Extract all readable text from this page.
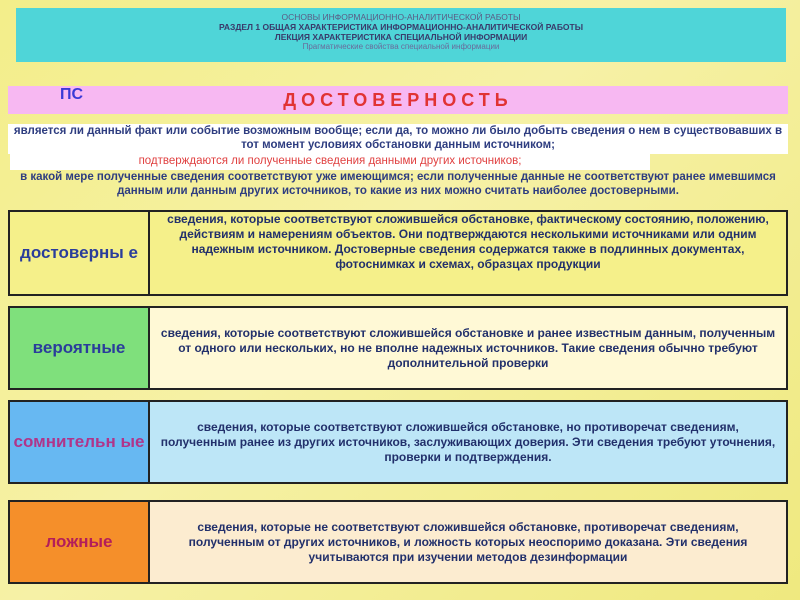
ОСНОВЫ ИНФОРМАЦИОННО-АНАЛИТИЧЕСКОЙ РАБОТЫ
РАЗДЕЛ 1 ОБЩАЯ ХАРАКТЕРИСТИКА ИНФОРМАЦИОННО-АНАЛИТИЧЕСКОЙ РАБОТЫ
ЛЕКЦИЯ ХАРАКТЕРИСТИКА СПЕЦИАЛЬНОЙ ИНФОРМАЦИИ
Прагматические свойства специальной информации
ПС	ДОСТОВЕРНОСТЬ
является ли данный факт или событие возможным вообще; если да, то можно ли было добыть сведения о нем в существовавших в тот момент условиях обстановки данным источником;
подтверждаются ли полученные сведения данными других источников;
в какой мере полученные сведения соответствуют уже имеющимся; если полученные данные не соответствуют ранее имевшимся данным или данным других источников, то какие из них можно считать наиболее достоверными.
достоверны е
сведения, которые соответствуют сложившейся обстановке, фактическому состоянию, положению, действиям и намерениям объектов. Они подтверждаются несколькими источниками или одним надежным источником. Достоверные сведения содержатся также в подлинных документах, фотоснимках и схемах, образцах продукции
вероятные
сведения, которые соответствуют сложившейся обстановке и ранее известным данным, полученным от одного или нескольких, но не вполне надежных источников. Такие сведения обычно требуют дополнительной проверки
сомнительн ые
сведения, которые соответствуют сложившейся обстановке, но противоречат сведениям, полученным ранее из других источников, заслуживающих доверия. Эти сведения требуют уточнения, проверки и подтверждения.
ложные
сведения, которые не соответствуют сложившейся обстановке, противоречат сведениям, полученным от других источников, и ложность которых неоспоримо доказана. Эти сведения учитываются при изучении методов дезинформации
